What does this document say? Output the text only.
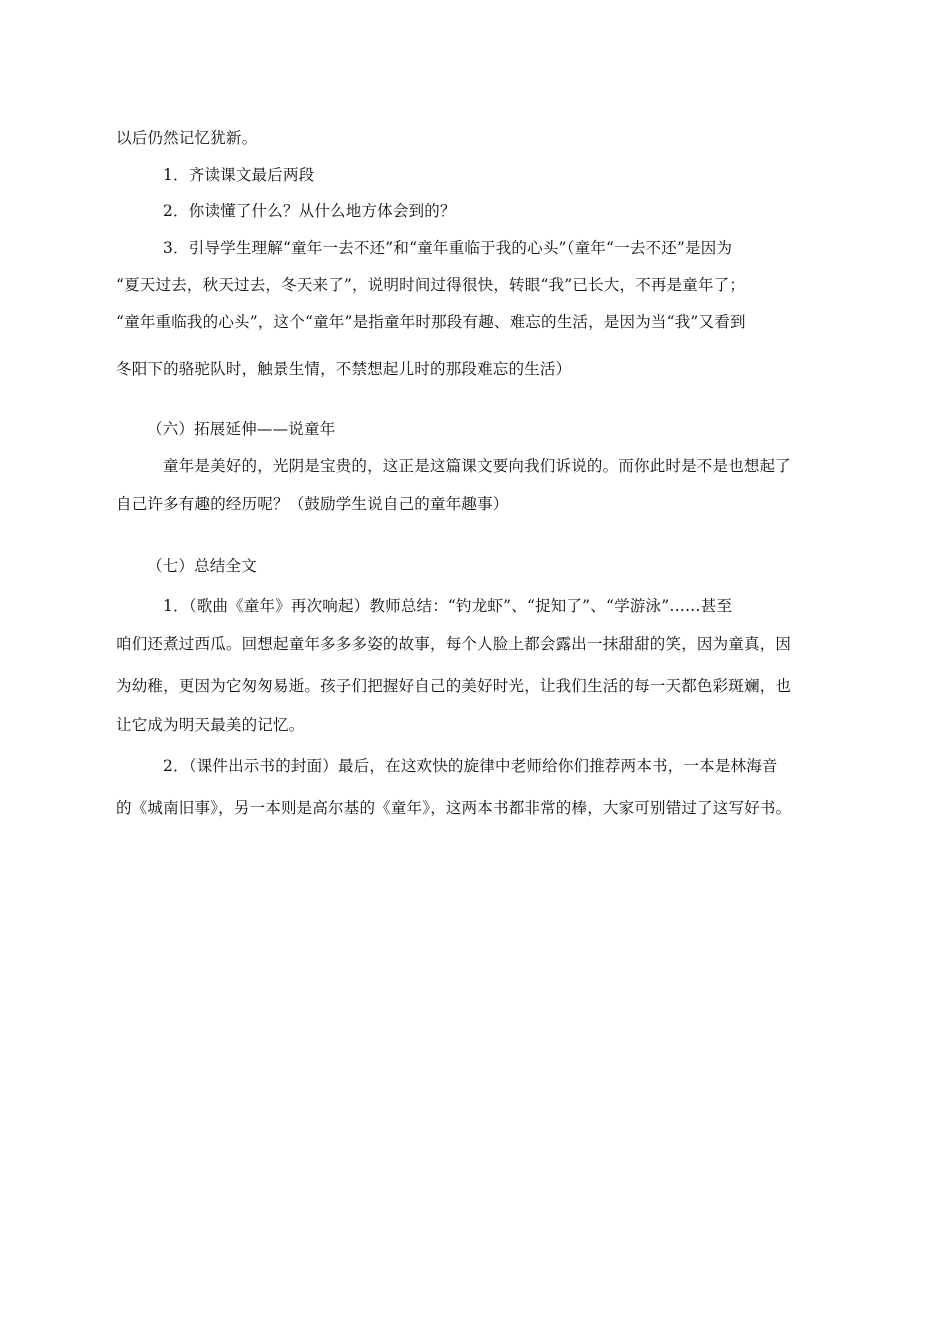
以后仍然记忆犹新。
1．齐读课文最后两段
2．你读懂了什么？从什么地方体会到的？
3．引导学生理解“童年一去不还”和“童年重临于我的心头”（童年“一去不还”是因为
“夏天过去，秋天过去，冬天来了”，说明时间过得很快，转眼“我”已长大，不再是童年了；
“童年重临我的心头”，这个“童年”是指童年时那段有趣、难忘的生活，是因为当“我”又看到
冬阳下的骆驼队时，触景生情，不禁想起儿时的那段难忘的生活）
（六）拓展延伸——说童年
童年是美好的，光阴是宝贵的，这正是这篇课文要向我们诉说的。而你此时是不是也想起了
自己许多有趣的经历呢？（鼓励学生说自己的童年趣事）
（七）总结全文
1．（歌曲《童年》再次响起）教师总结：“钓龙虾”、“捉知了”、“学游泳”……甚至
咱们还煮过西瓜。回想起童年多多多姿的故事，每个人脸上都会露出一抹甜甜的笑，因为童真，因
为幼稚，更因为它匆匆易逝。孩子们把握好自己的美好时光，让我们生活的每一天都色彩斑斓，也
让它成为明天最美的记忆。
2．（课件出示书的封面）最后，在这欢快的旋律中老师给你们推荐两本书，一本是林海音
的《城南旧事》，另一本则是高尔基的《童年》，这两本书都非常的棒，大家可别错过了这写好书。
